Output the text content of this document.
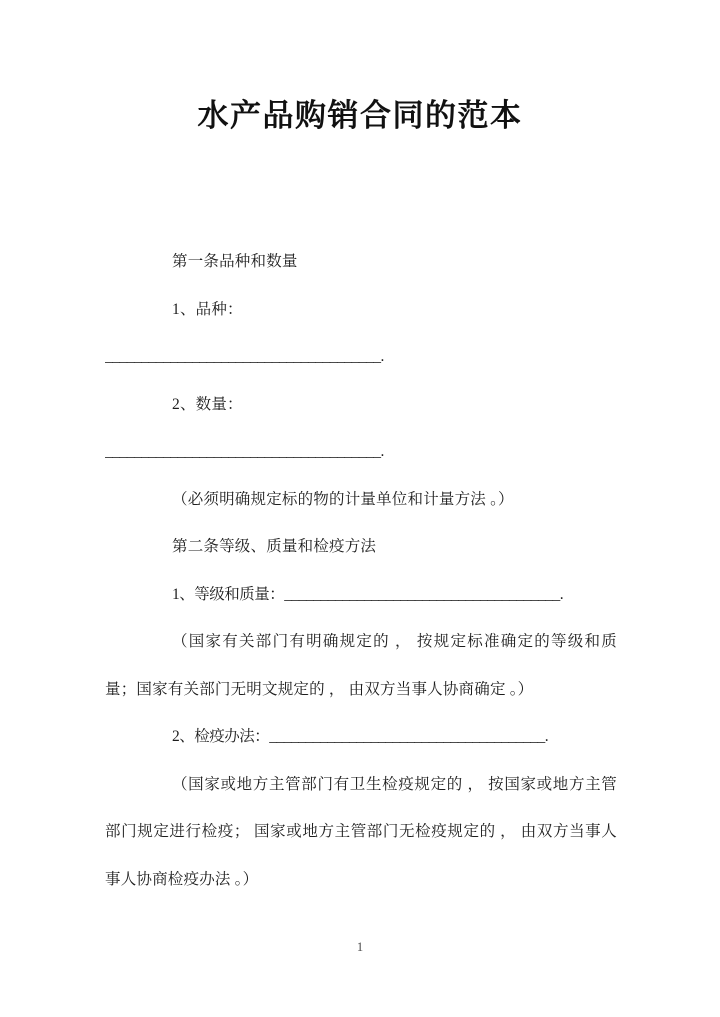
水产品购销合同的范本

第一条品种和数量

1、品种：

______________________________________.

2、数量：

______________________________________.

（必须明确规定标的物的计量单位和计量方法 。）

第二条等级、质量和检疫方法

1、等级和质量：______________________________________.

（国家有关部门有明确规定的 ， 按规定标准确定的等级和质量；国家有关部门无明文规定的 ， 由双方当事人协商确定 。）

2、检疫办法：______________________________________.

（国家或地方主管部门有卫生检疫规定的 ， 按国家或地方主管部门规定进行检疫； 国家或地方主管部门无检疫规定的 ， 由双方当事人事人协商检疫办法 。）

1
